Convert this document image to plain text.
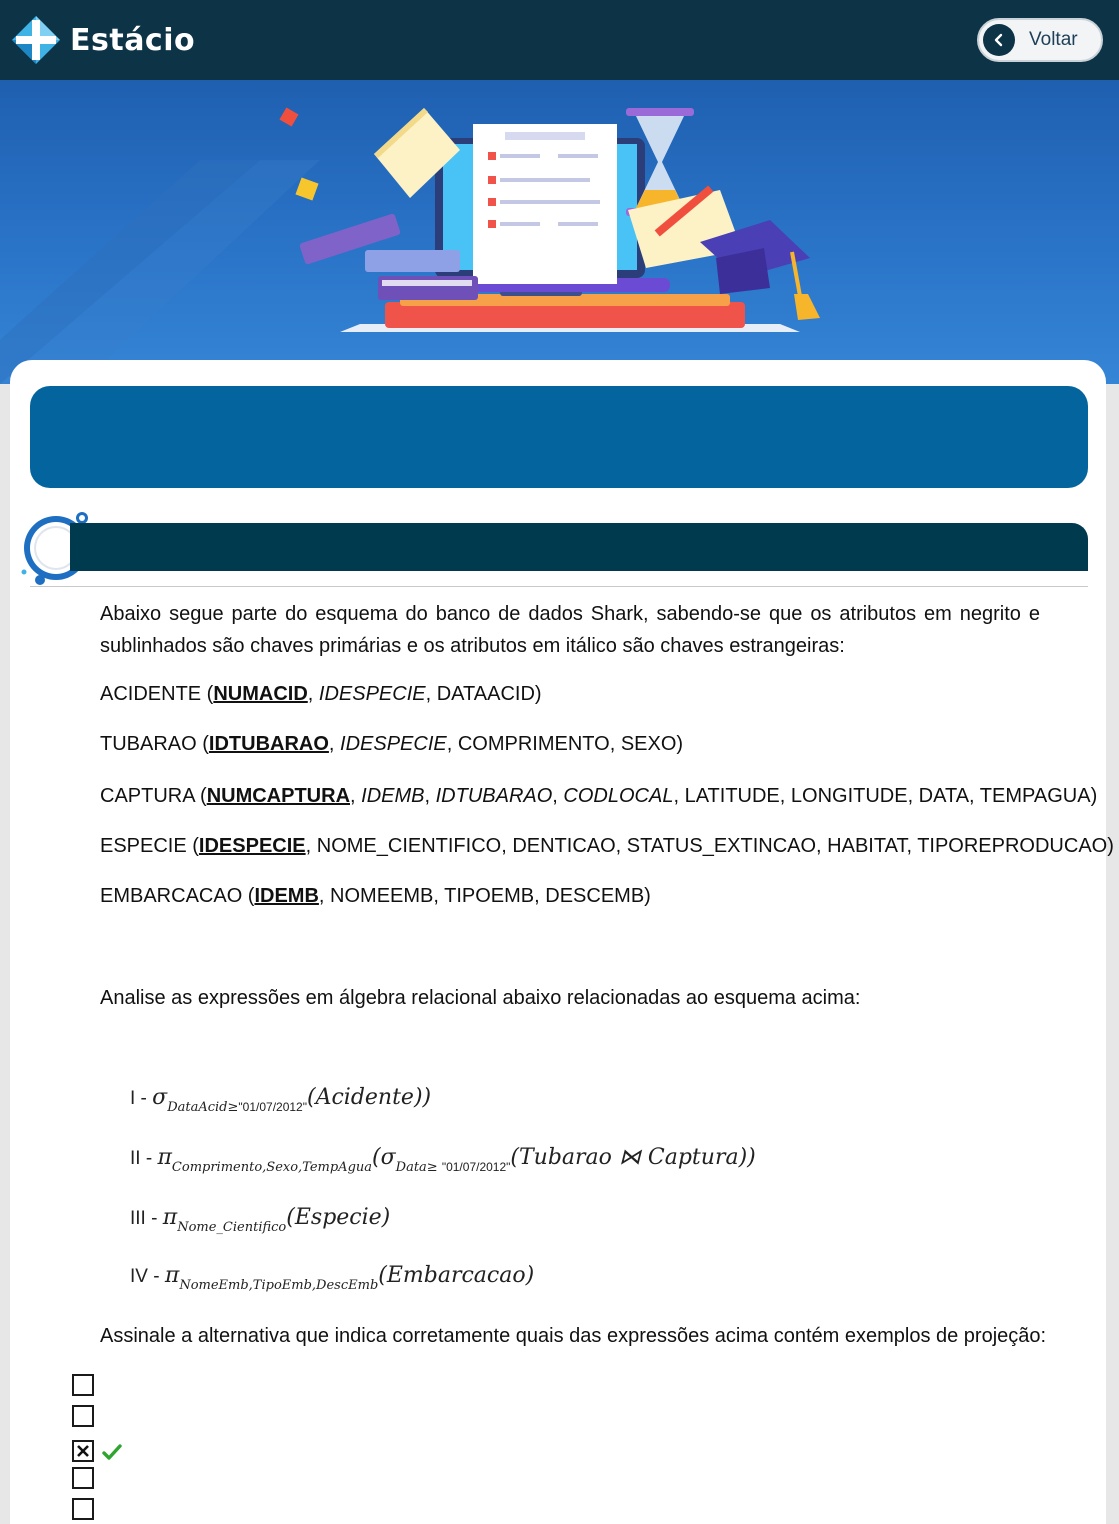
Estácio	Voltar

Abaixo segue parte do esquema do banco de dados Shark, sabendo-se que os atributos em negrito e sublinhados são chaves primárias e os atributos em itálico são chaves estrangeiras:

ACIDENTE (NUMACID, IDESPECIE, DATAACID)

TUBARAO (IDTUBARAO, IDESPECIE, COMPRIMENTO, SEXO)

CAPTURA (NUMCAPTURA, IDEMB, IDTUBARAO, CODLOCAL, LATITUDE, LONGITUDE, DATA, TEMPAGUA)

ESPECIE (IDESPECIE, NOME_CIENTIFICO, DENTICAO, STATUS_EXTINCAO, HABITAT, TIPOREPRODUCAO)

EMBARCACAO (IDEMB, NOMEEMB, TIPOEMB, DESCEMB)

Analise as expressões em álgebra relacional abaixo relacionadas ao esquema acima:

I - $\sigma_{DataAcid\ge"01/07/2012"}(Acidente)$)

II - $\pi_{Comprimento,Sexo,TempAgua}(\sigma_{Data\ge}$ $_{"01/07/2012"}$(Tubarao ⋈ Captura))

III - $\pi_{Nome\_Cientifico}(Especie)$

IV - $\pi_{NomeEmb,TipoEmb,DescEmb}(Embarcacao)$

Assinale a alternativa que indica corretamente quais das expressões acima contém exemplos de projeção:
